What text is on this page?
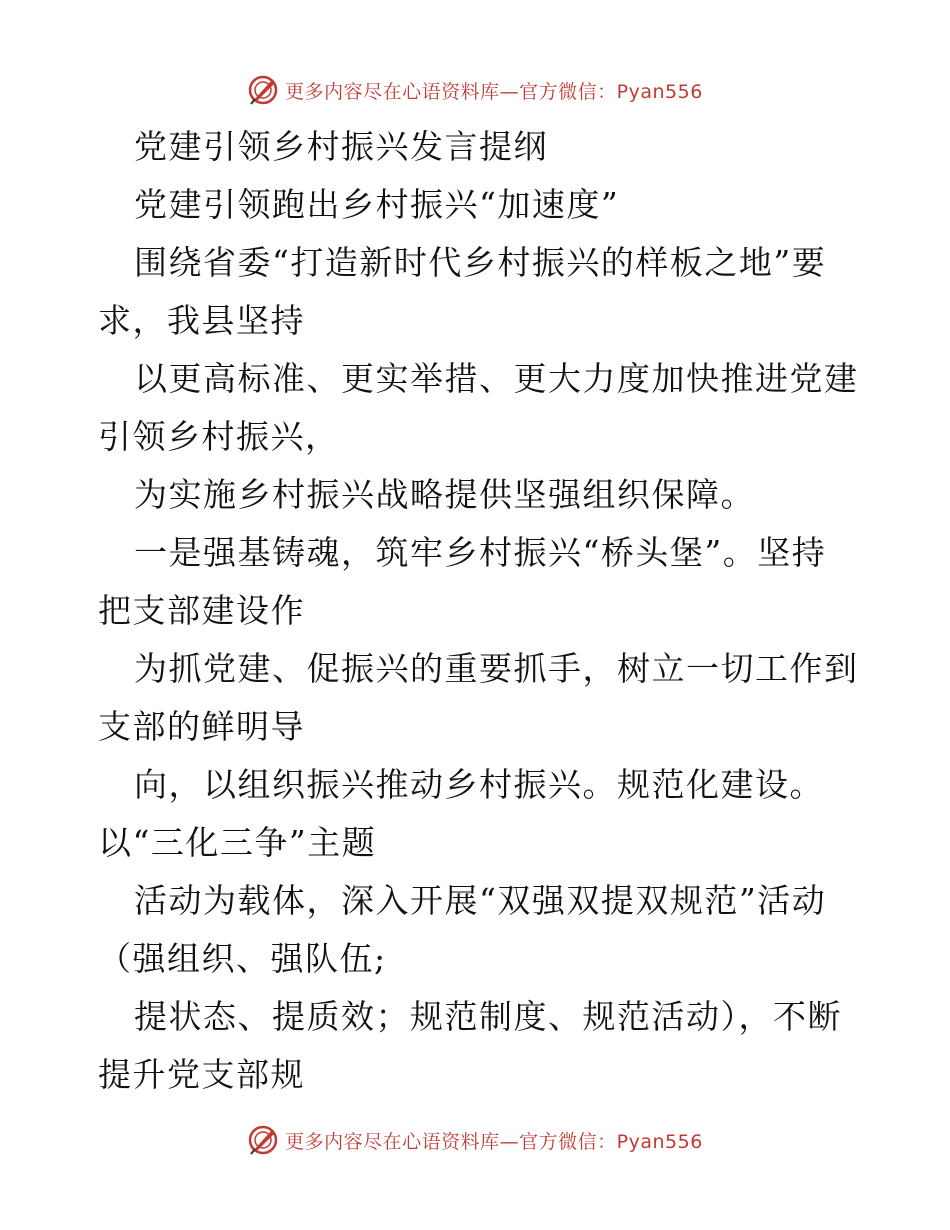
更多内容尽在心语资料库—官方微信：Pyan556
党建引领乡村振兴发言提纲
党建引领跑出乡村振兴“加速度”
围绕省委“打造新时代乡村振兴的样板之地”要
求，我县坚持
以更高标准、更实举措、更大力度加快推进党建
引领乡村振兴，
为实施乡村振兴战略提供坚强组织保障。
一是强基铸魂，筑牢乡村振兴“桥头堡”。坚持
把支部建设作
为抓党建、促振兴的重要抓手，树立一切工作到
支部的鲜明导
向，以组织振兴推动乡村振兴。规范化建设。
以“三化三争”主题
活动为载体，深入开展“双强双提双规范”活动
（强组织、强队伍;
提状态、提质效；规范制度、规范活动），不断
提升党支部规
更多内容尽在心语资料库—官方微信：Pyan556
